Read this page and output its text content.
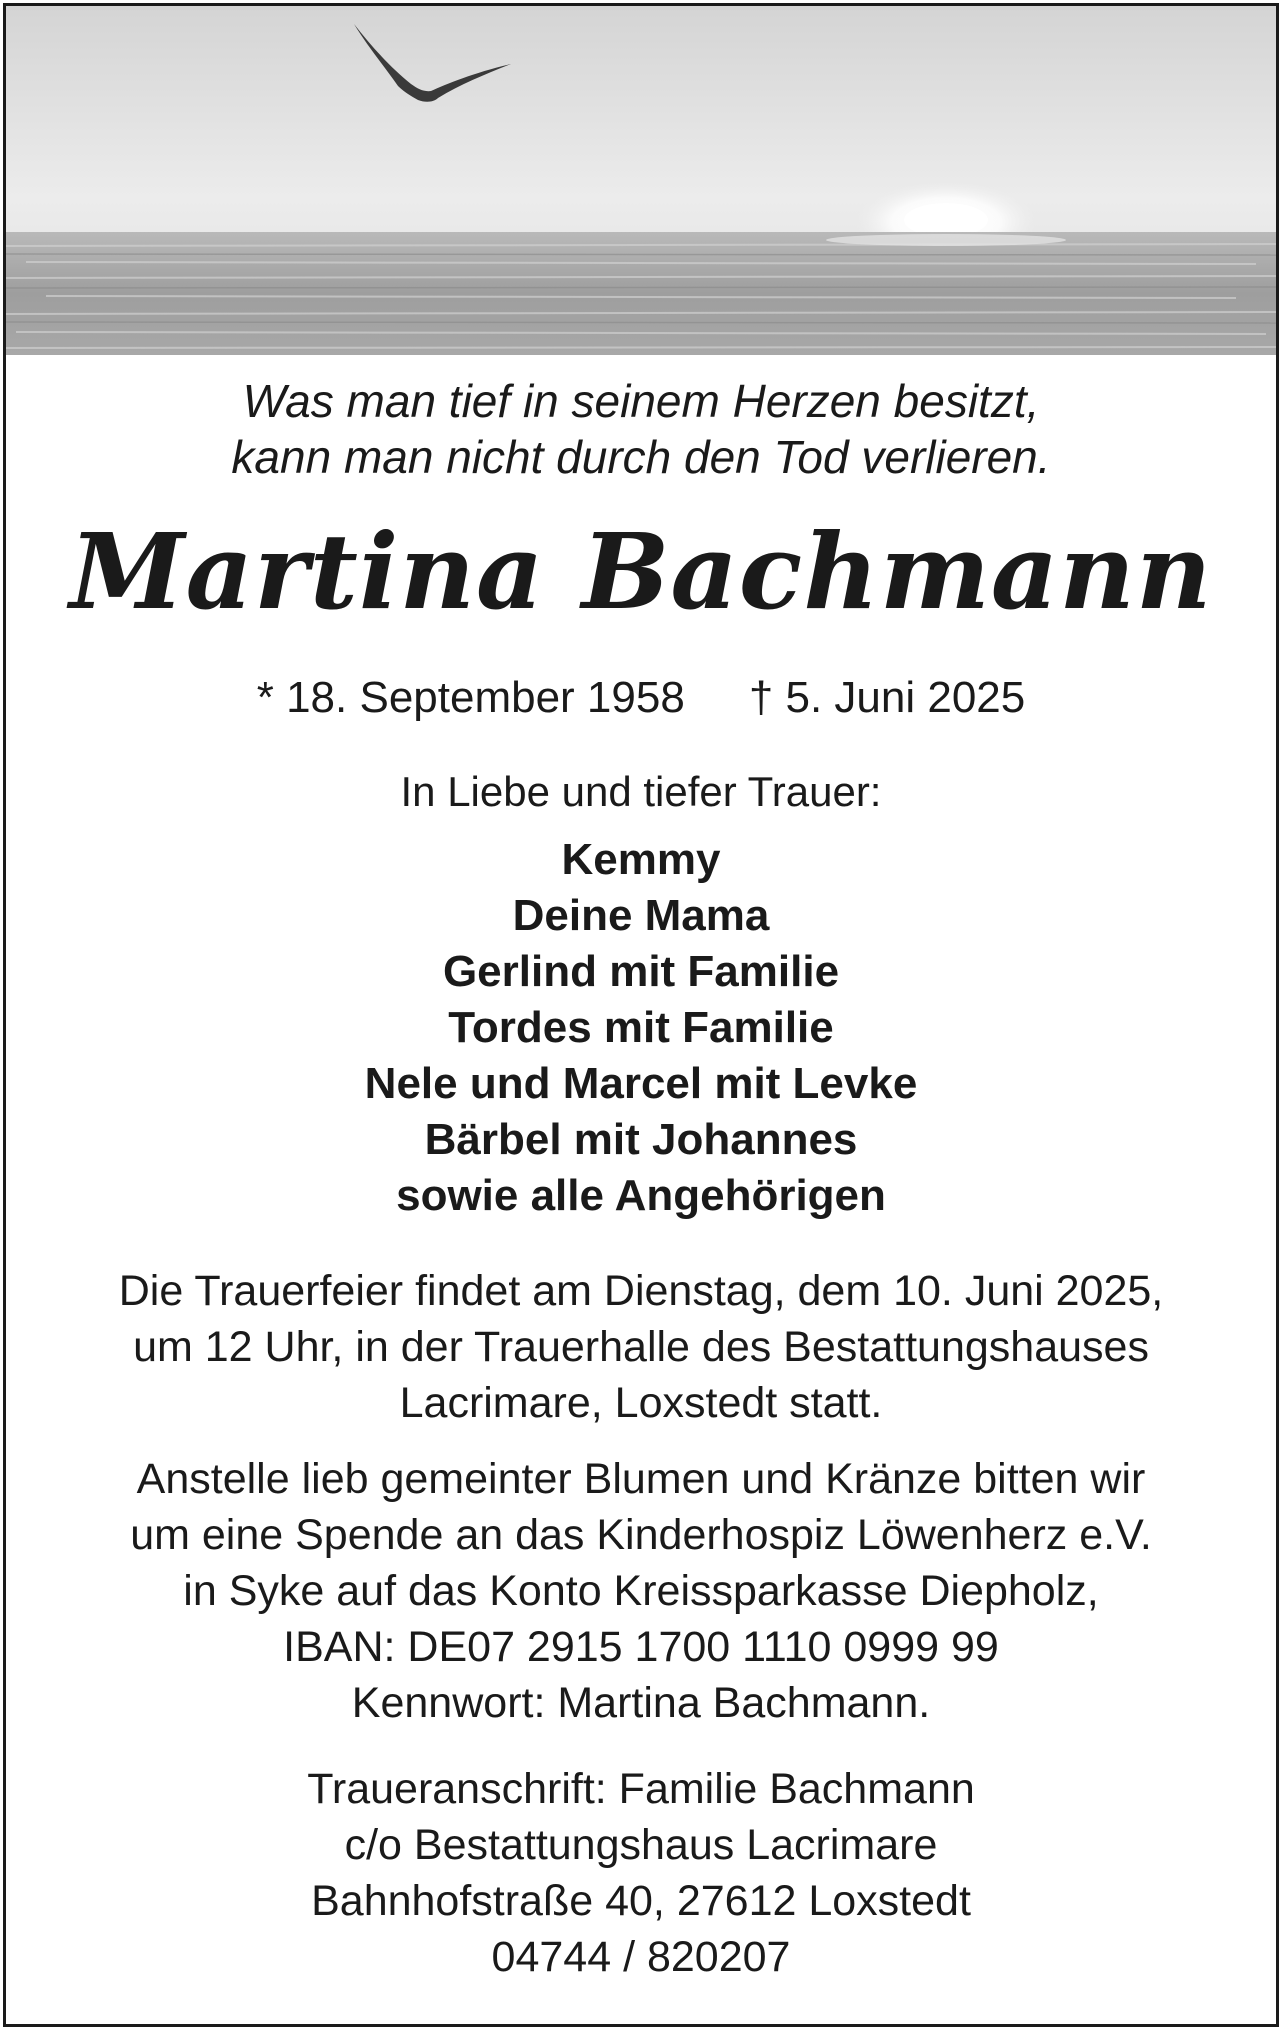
Was man tief in seinem Herzen besitzt,
kann man nicht durch den Tod verlieren.
Martina Bachmann
* 18. September 1958 † 5. Juni 2025
In Liebe und tiefer Trauer:
Kemmy
Deine Mama
Gerlind mit Familie
Tordes mit Familie
Nele und Marcel mit Levke
Bärbel mit Johannes
sowie alle Angehörigen
Die Trauerfeier findet am Dienstag, dem 10. Juni 2025,
um 12 Uhr, in der Trauerhalle des Bestattungshauses
Lacrimare, Loxstedt statt.
Anstelle lieb gemeinter Blumen und Kränze bitten wir
um eine Spende an das Kinderhospiz Löwenherz e.V.
in Syke auf das Konto Kreissparkasse Diepholz,
IBAN: DE07 2915 1700 1110 0999 99
Kennwort: Martina Bachmann.
Traueranschrift: Familie Bachmann
c/o Bestattungshaus Lacrimare
Bahnhofstraße 40, 27612 Loxstedt
04744 / 820207
